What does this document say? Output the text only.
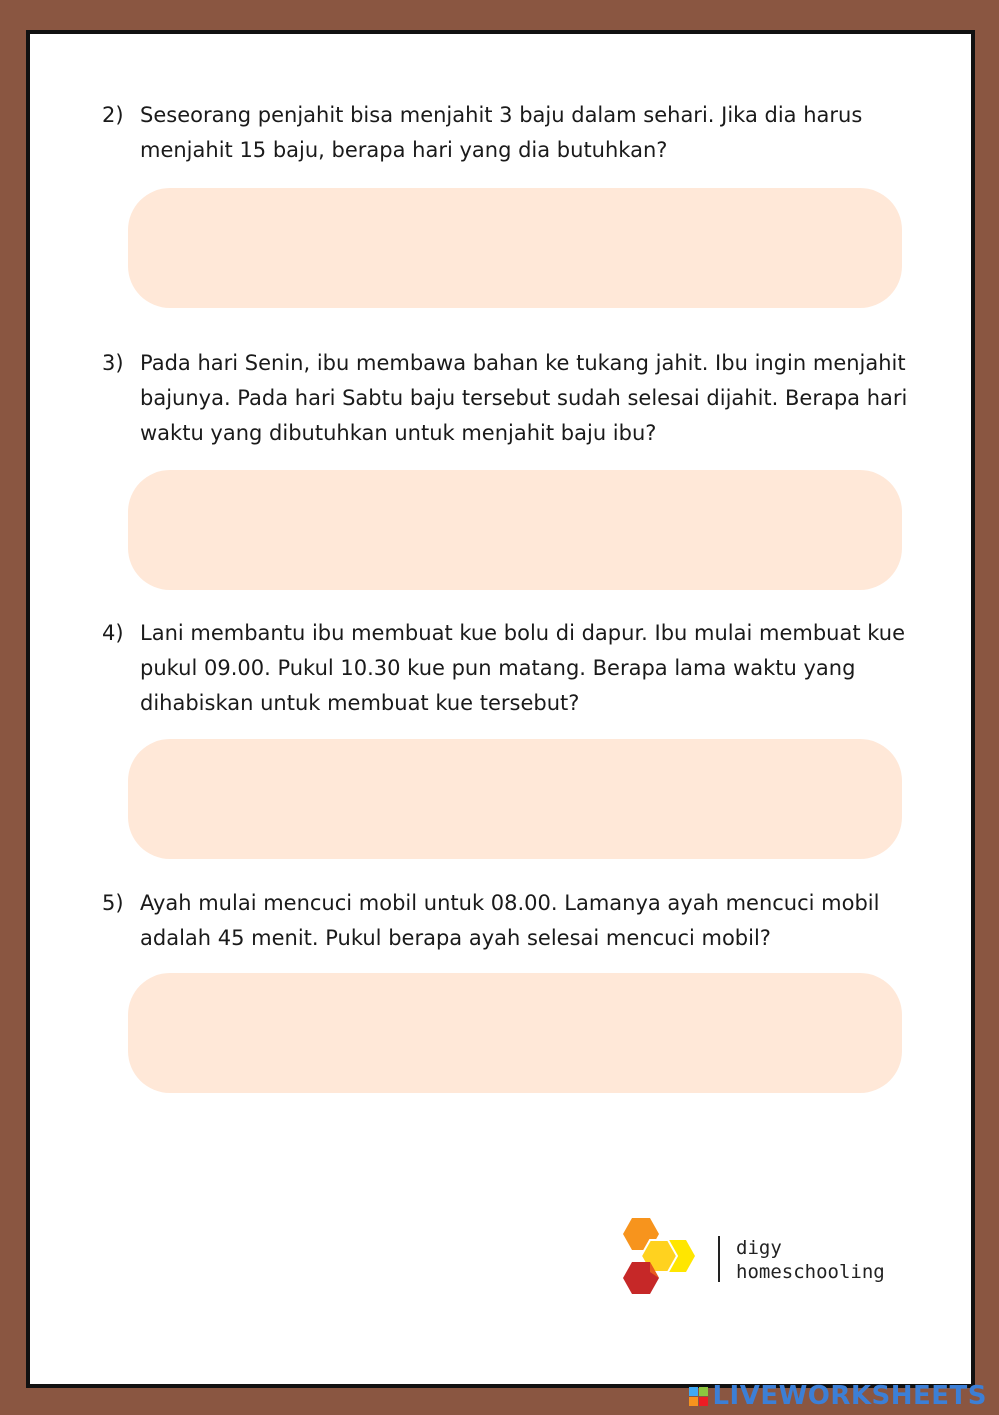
2) Seseorang penjahit bisa menjahit 3 baju dalam sehari. Jika dia harus menjahit 15 baju, berapa hari yang dia butuhkan?
3) Pada hari Senin, ibu membawa bahan ke tukang jahit. Ibu ingin menjahit bajunya. Pada hari Sabtu baju tersebut sudah selesai dijahit. Berapa hari waktu yang dibutuhkan untuk menjahit baju ibu?
4) Lani membantu ibu membuat kue bolu di dapur. Ibu mulai membuat kue pukul 09.00. Pukul 10.30 kue pun matang. Berapa lama waktu yang dihabiskan untuk membuat kue tersebut?
5) Ayah mulai mencuci mobil untuk 08.00. Lamanya ayah mencuci mobil adalah 45 menit. Pukul berapa ayah selesai mencuci mobil?
digy
homeschooling
LIVEWORKSHEETS
